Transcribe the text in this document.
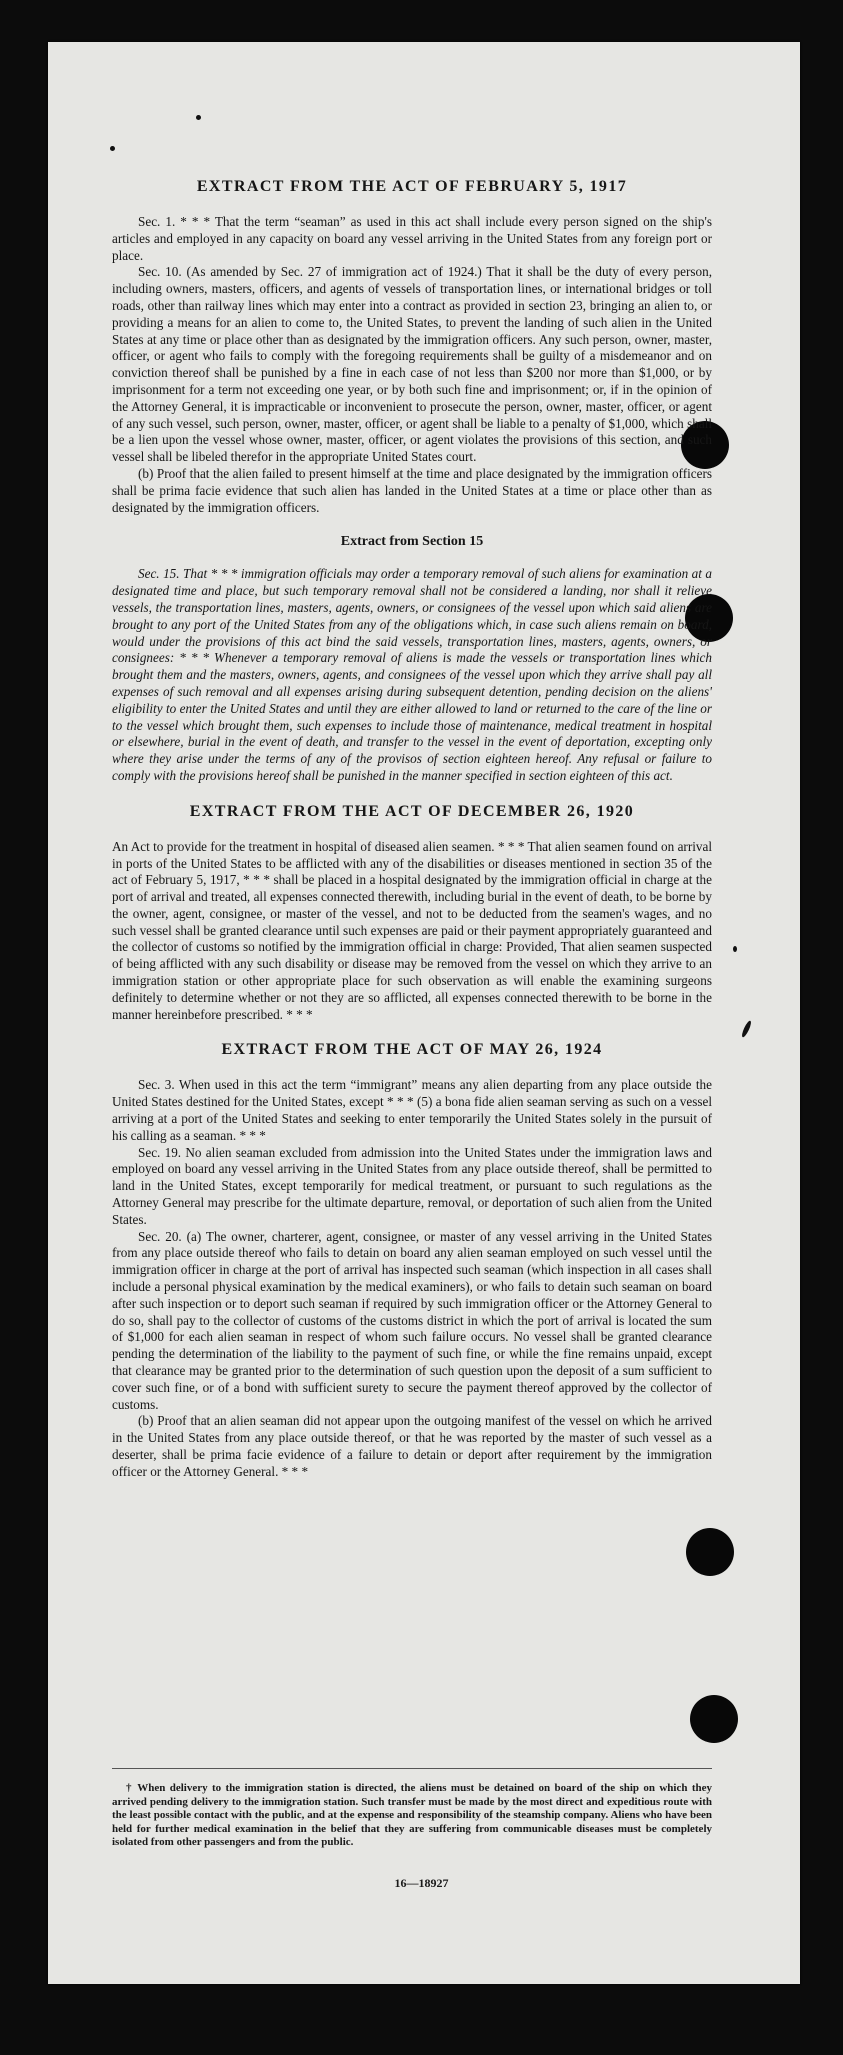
EXTRACT FROM THE ACT OF FEBRUARY 5, 1917

Sec. 1. * * * That the term “seaman” as used in this act shall include every person signed on the ship's articles and employed in any capacity on board any vessel arriving in the United States from any foreign port or place.

Sec. 10. (As amended by Sec. 27 of immigration act of 1924.) That it shall be the duty of every person, including owners, masters, officers, and agents of vessels of transportation lines, or international bridges or toll roads, other than railway lines which may enter into a contract as provided in section 23, bringing an alien to, or providing a means for an alien to come to, the United States, to prevent the landing of such alien in the United States at any time or place other than as designated by the immigration officers. Any such person, owner, master, officer, or agent who fails to comply with the foregoing requirements shall be guilty of a misdemeanor and on conviction thereof shall be punished by a fine in each case of not less than $200 nor more than $1,000, or by imprisonment for a term not exceeding one year, or by both such fine and imprisonment; or, if in the opinion of the Attorney General, it is impracticable or inconvenient to prosecute the person, owner, master, officer, or agent of any such vessel, such person, owner, master, officer, or agent shall be liable to a penalty of $1,000, which shall be a lien upon the vessel whose owner, master, officer, or agent violates the provisions of this section, and such vessel shall be libeled therefor in the appropriate United States court.

(b) Proof that the alien failed to present himself at the time and place designated by the immigration officers shall be prima facie evidence that such alien has landed in the United States at a time or place other than as designated by the immigration officers.

Extract from Section 15

Sec. 15. That * * * immigration officials may order a temporary removal of such aliens for examination at a designated time and place, but such temporary removal shall not be considered a landing, nor shall it relieve vessels, the transportation lines, masters, agents, owners, or consignees of the vessel upon which said aliens are brought to any port of the United States from any of the obligations which, in case such aliens remain on board, would under the provisions of this act bind the said vessels, transportation lines, masters, agents, owners, or consignees: * * * Whenever a temporary removal of aliens is made the vessels or transportation lines which brought them and the masters, owners, agents, and consignees of the vessel upon which they arrive shall pay all expenses of such removal and all expenses arising during subsequent detention, pending decision on the aliens' eligibility to enter the United States and until they are either allowed to land or returned to the care of the line or to the vessel which brought them, such expenses to include those of maintenance, medical treatment in hospital or elsewhere, burial in the event of death, and transfer to the vessel in the event of deportation, excepting only where they arise under the terms of any of the provisos of section eighteen hereof. Any refusal or failure to comply with the provisions hereof shall be punished in the manner specified in section eighteen of this act.

EXTRACT FROM THE ACT OF DECEMBER 26, 1920

An Act to provide for the treatment in hospital of diseased alien seamen. * * * That alien seamen found on arrival in ports of the United States to be afflicted with any of the disabilities or diseases mentioned in section 35 of the act of February 5, 1917, * * * shall be placed in a hospital designated by the immigration official in charge at the port of arrival and treated, all expenses connected therewith, including burial in the event of death, to be borne by the owner, agent, consignee, or master of the vessel, and not to be deducted from the seamen's wages, and no such vessel shall be granted clearance until such expenses are paid or their payment appropriately guaranteed and the collector of customs so notified by the immigration official in charge: Provided, That alien seamen suspected of being afflicted with any such disability or disease may be removed from the vessel on which they arrive to an immigration station or other appropriate place for such observation as will enable the examining surgeons definitely to determine whether or not they are so afflicted, all expenses connected therewith to be borne in the manner hereinbefore prescribed. * * *

EXTRACT FROM THE ACT OF MAY 26, 1924

Sec. 3. When used in this act the term “immigrant” means any alien departing from any place outside the United States destined for the United States, except * * * (5) a bona fide alien seaman serving as such on a vessel arriving at a port of the United States and seeking to enter temporarily the United States solely in the pursuit of his calling as a seaman. * * *

Sec. 19. No alien seaman excluded from admission into the United States under the immigration laws and employed on board any vessel arriving in the United States from any place outside thereof, shall be permitted to land in the United States, except temporarily for medical treatment, or pursuant to such regulations as the Attorney General may prescribe for the ultimate departure, removal, or deportation of such alien from the United States.

Sec. 20. (a) The owner, charterer, agent, consignee, or master of any vessel arriving in the United States from any place outside thereof who fails to detain on board any alien seaman employed on such vessel until the immigration officer in charge at the port of arrival has inspected such seaman (which inspection in all cases shall include a personal physical examination by the medical examiners), or who fails to detain such seaman on board after such inspection or to deport such seaman if required by such immigration officer or the Attorney General to do so, shall pay to the collector of customs of the customs district in which the port of arrival is located the sum of $1,000 for each alien seaman in respect of whom such failure occurs. No vessel shall be granted clearance pending the determination of the liability to the payment of such fine, or while the fine remains unpaid, except that clearance may be granted prior to the determination of such question upon the deposit of a sum sufficient to cover such fine, or of a bond with sufficient surety to secure the payment thereof approved by the collector of customs.

(b) Proof that an alien seaman did not appear upon the outgoing manifest of the vessel on which he arrived in the United States from any place outside thereof, or that he was reported by the master of such vessel as a deserter, shall be prima facie evidence of a failure to detain or deport after requirement by the immigration officer or the Attorney General. * * *

† When delivery to the immigration station is directed, the aliens must be detained on board of the ship on which they arrived pending delivery to the immigration station. Such transfer must be made by the most direct and expeditious route with the least possible contact with the public, and at the expense and responsibility of the steamship company. Aliens who have been held for further medical examination in the belief that they are suffering from communicable diseases must be completely isolated from other passengers and from the public.
16—18927
